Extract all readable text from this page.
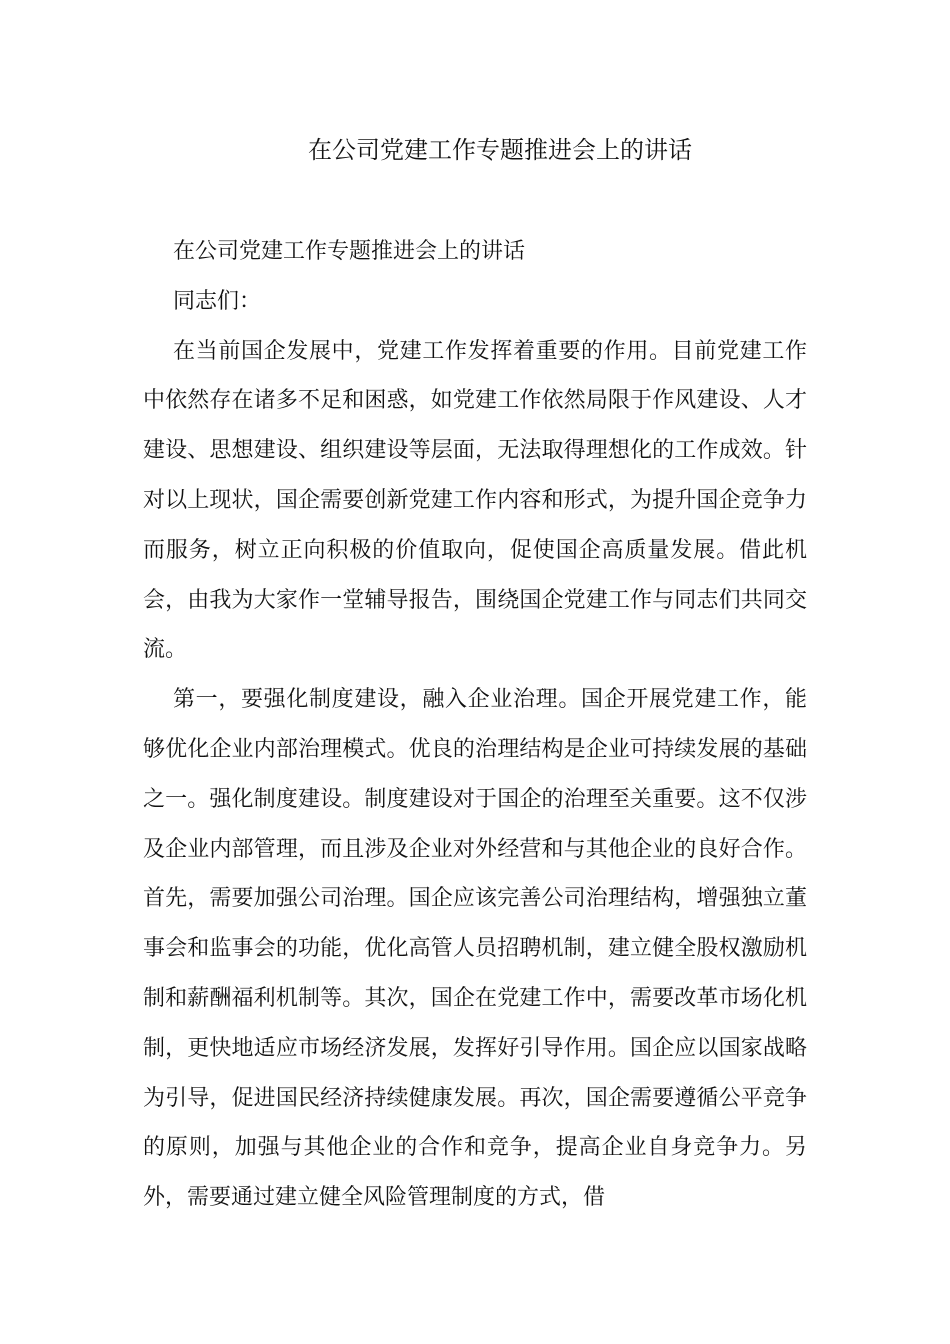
在公司党建工作专题推进会上的讲话

在公司党建工作专题推进会上的讲话

同志们：

在当前国企发展中，党建工作发挥着重要的作用。目前党建工作中依然存在诸多不足和困惑，如党建工作依然局限于作风建设、人才建设、思想建设、组织建设等层面，无法取得理想化的工作成效。针对以上现状，国企需要创新党建工作内容和形式，为提升国企竞争力而服务，树立正向积极的价值取向，促使国企高质量发展。借此机会，由我为大家作一堂辅导报告，围绕国企党建工作与同志们共同交流。

第一，要强化制度建设，融入企业治理。国企开展党建工作，能够优化企业内部治理模式。优良的治理结构是企业可持续发展的基础之一。强化制度建设。制度建设对于国企的治理至关重要。这不仅涉及企业内部管理，而且涉及企业对外经营和与其他企业的良好合作。首先，需要加强公司治理。国企应该完善公司治理结构，增强独立董事会和监事会的功能，优化高管人员招聘机制，建立健全股权激励机制和薪酬福利机制等。其次，国企在党建工作中，需要改革市场化机制，更快地适应市场经济发展，发挥好引导作用。国企应以国家战略为引导，促进国民经济持续健康发展。再次，国企需要遵循公平竞争的原则，加强与其他企业的合作和竞争，提高企业自身竞争力。另外，需要通过建立健全风险管理制度的方式，借
